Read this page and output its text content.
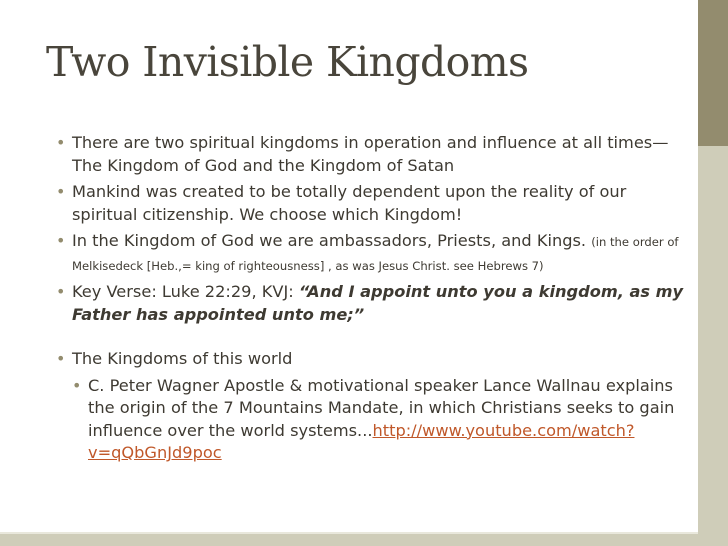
Two Invisible Kingdoms
• There are two spiritual kingdoms in operation and influence at all times—The Kingdom of God and the Kingdom of Satan
• Mankind was created to be totally dependent upon the reality of our spiritual citizenship. We choose which Kingdom!
• In the Kingdom of God we are ambassadors, Priests, and Kings. (in the order of Melkisedeck [Heb.,= king of righteousness] , as was Jesus Christ. see Hebrews 7)
• Key Verse: Luke 22:29, KVJ: “And I appoint unto you a kingdom, as my Father has appointed unto me;”
• The Kingdoms of this world
• C. Peter Wagner Apostle & motivational speaker Lance Wallnau explains the origin of the 7 Mountains Mandate, in which Christians seeks to gain influence over the world systems...http://www.youtube.com/watch?v=qQbGnJd9poc
